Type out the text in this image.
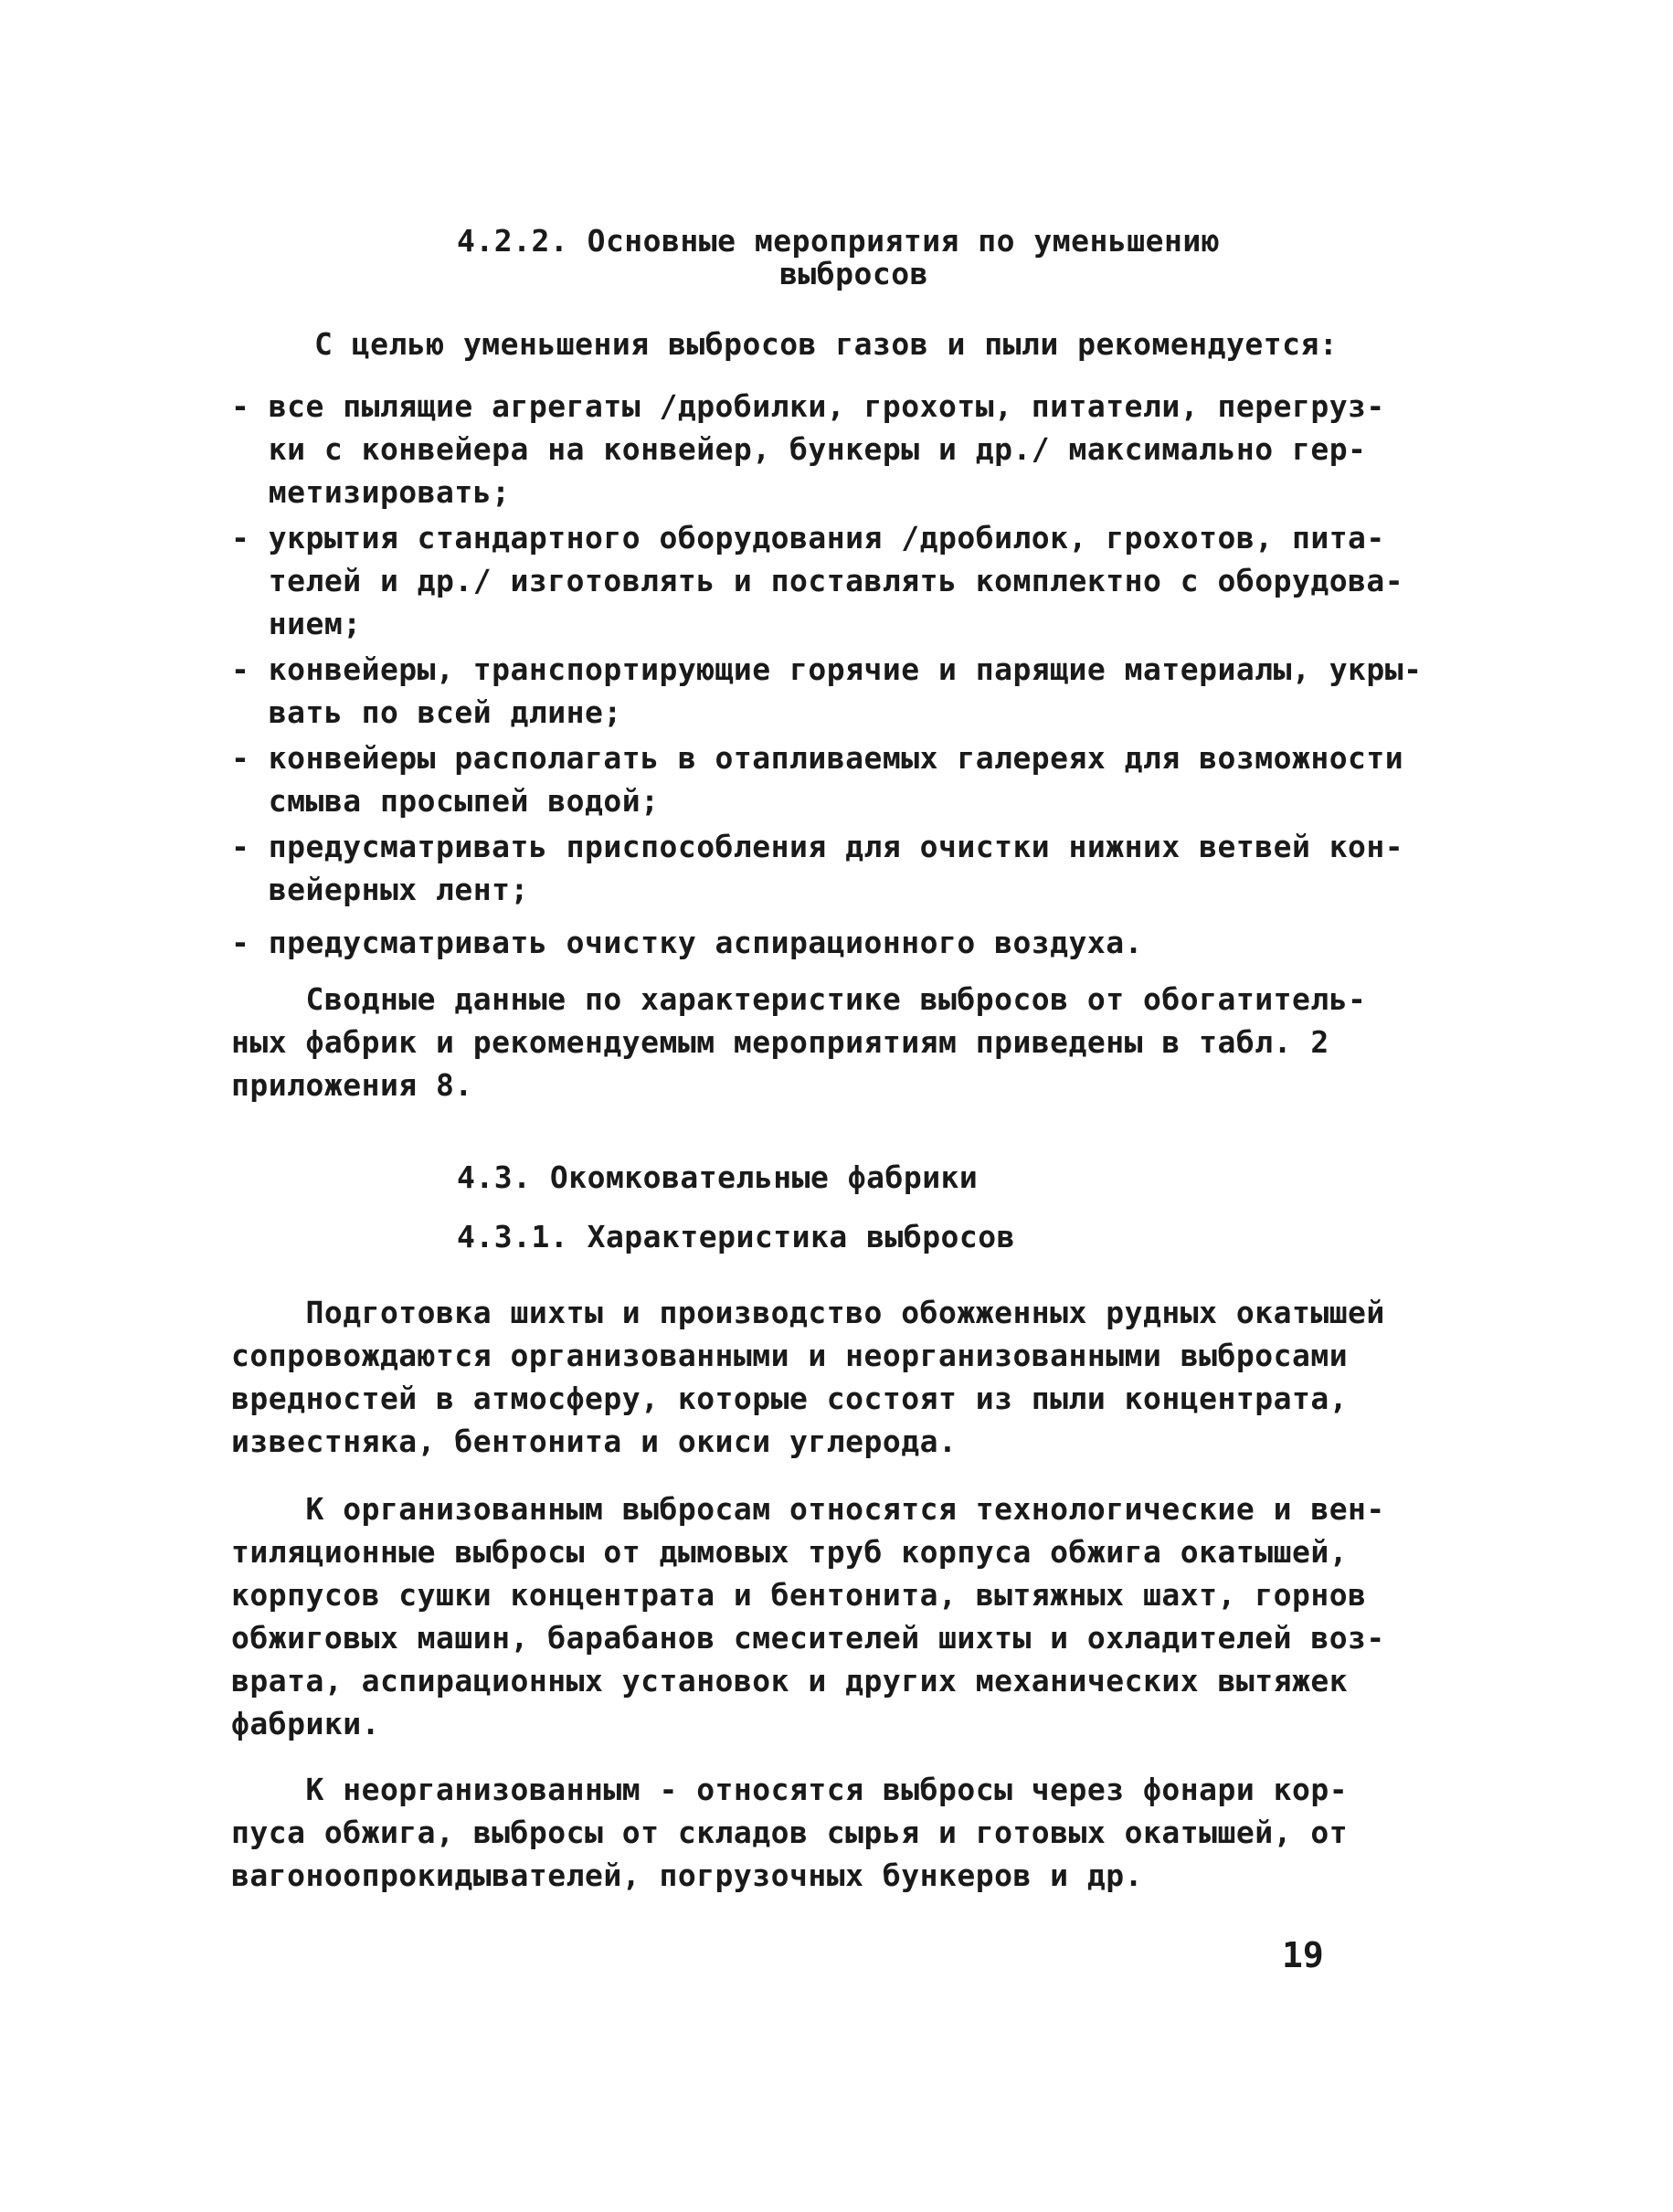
4.2.2. Основные мероприятия по уменьшению
выбросов
С целью уменьшения выбросов газов и пыли рекомендуется:
- все пылящие агрегаты /дробилки, грохоты, питатели, перегруз-
ки с конвейера на конвейер, бункеры и др./ максимально гер-
метизировать;
- укрытия стандартного оборудования /дробилок, грохотов, пита-
телей и др./ изготовлять и поставлять комплектно с оборудова-
нием;
- конвейеры, транспортирующие горячие и парящие материалы, укры-
вать по всей длине;
- конвейеры располагать в отапливаемых галереях для возможности
смыва просыпей водой;
- предусматривать приспособления для очистки нижних ветвей кон-
вейерных лент;
- предусматривать очистку аспирационного воздуха.
Сводные данные по характеристике выбросов от обогатитель-
ных фабрик и рекомендуемым мероприятиям приведены в табл. 2
приложения 8.
4.3. Окомковательные фабрики
4.3.1. Характеристика выбросов
Подготовка шихты и производство обожженных рудных окатышей
сопровождаются организованными и неорганизованными выбросами
вредностей в атмосферу, которые состоят из пыли концентрата,
известняка, бентонита и окиси углерода.
К организованным выбросам относятся технологические и вен-
тиляционные выбросы от дымовых труб корпуса обжига окатышей,
корпусов сушки концентрата и бентонита, вытяжных шахт, горнов
обжиговых машин, барабанов смесителей шихты и охладителей воз-
врата, аспирационных установок и других механических вытяжек
фабрики.
К неорганизованным - относятся выбросы через фонари кор-
пуса обжига, выбросы от складов сырья и готовых окатышей, от
вагоноопрокидывателей, погрузочных бункеров и др.
19
